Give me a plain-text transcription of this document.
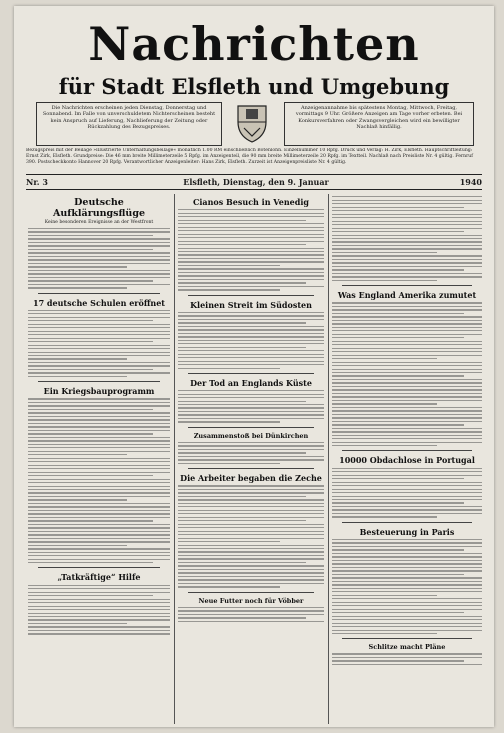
Nachrichten
für Stadt Elsfleth und Umgebung
Die Nachrichten erscheinen jeden Dienstag, Donnerstag und Sonnabend. Im Falle von unverschuldetem Nichterscheinen besteht kein Anspruch auf Lieferung, Nachlieferung der Zeitung oder Rückzahlung des Bezugspreises.
Anzeigenannahme bis spätestens Montag, Mittwoch, Freitag, vormittags 9 Uhr. Größere Anzeigen am Tage vorher erbeten. Bei Konkursverfahren oder Zwangsvergleichen wird ein bewilligter Nachlaß hinfällig.
Bezugspreis mit der Beilage »Illustrierte Unterhaltungsbeilage« monatlich 1.00 RM einschließlich Botenlohn. Einzelnummer 10 Rpfg. Druck und Verlag: H. Zirk, Elsfleth. Hauptschriftleitung: Ernst Zirk, Elsfleth. Grundpreise: Die 46 mm breite Millimeterzeile 5 Rpfg. im Anzeigenteil, die 90 mm breite Millimeterzeile 20 Rpfg. im Textteil. Nachlaß nach Preisliste Nr. 4 gültig. Fernruf 390. Postscheckkonto Hannover 20 Rpfg. Verantwortlicher Anzeigenleiter: Hans Zirk, Elsfleth. Zurzeit ist Anzeigenpreisliste Nr. 4 gültig.
Nr. 3	Elsfleth, Dienstag, den 9. Januar	1940
Deutsche Aufklärungsflüge
Keine besonderen Ereignisse an der Westfront
17 deutsche Schulen eröffnet
Ein Kriegsbauprogramm
„Tatkräftige“ Hilfe
Cianos Besuch in Venedig
Kleinen Streit im Südosten
Der Tod an Englands Küste
Zusammenstoß bei Dünkirchen
Die Arbeiter begaben die Zeche
Neue Futter noch für Vöbber
Was England Amerika zumutet
10000 Obdachlose in Portugal
Besteuerung in Paris
Schlitze macht Pläne
